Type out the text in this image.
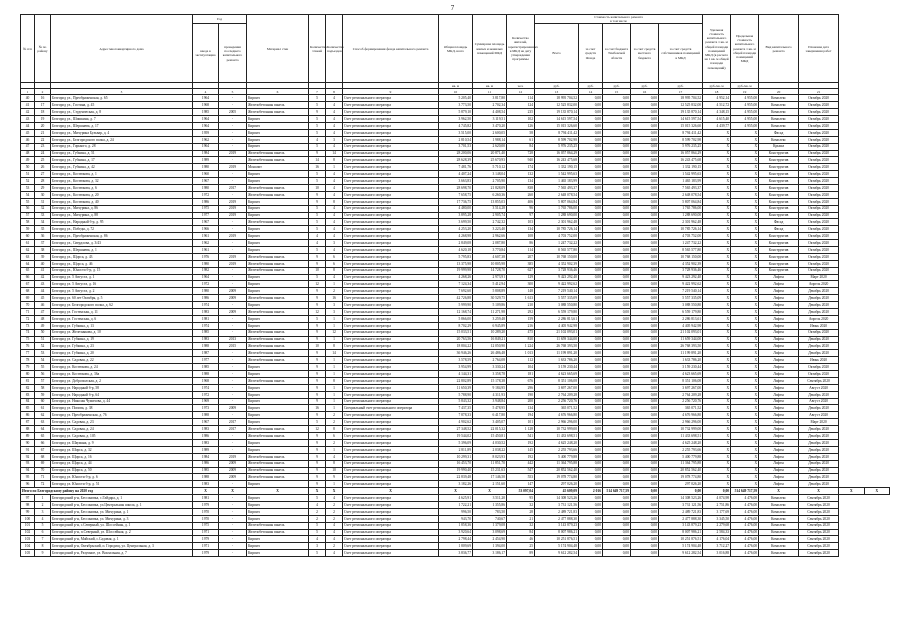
7
№ п/п	№ по району	Адрес многоквартирного дома	Год		Материал стен	Количество этажей	Количество подъездов	Способ формирования фонда капитального ремонта	Общая площадь МКД, всего	Суммарная площадь жилых и нежилых помещений МКД	Количество жителей, зарегистрированных в МКД на дату утверждения программы	Стоимость капитального ремонта
в том числе					Удельная стоимость капитального ремонта 1 кв. м общей площади помещений МКД (в расчете на 1 кв. м общей площади помещений)	Предельная стоимость капитального ремонта 1 кв. м общей площади помещений МКД	Вид капитального ремонта	Плановая дата завершения работ		
			ввода в эксплуатацию	проведения последнего капитального ремонта								Всего	за счет средств Фонда	за счет бюджета Тамбовской области	за счет средств местного бюджета	за счет средств собственников помещений в МКД						
									кв. м	кв. м	чел.	руб.	руб.	руб.	руб.	руб.	руб./кв. м	руб./кв. м				
1	2	3	4	5	6	7	8	9	10	11	12	13	14	15	16	17	18	19	20	21		
40	16	Белгород ул., Преображенская, д. 65	1964	-	Кирпич	5	4	Счет регионального оператора	5 205,40	3 817,80	114	18 995 704,52	0,00	0,00	0,00	18 995 704,52	4 952,14	4 955,00	Комплекс	Октябрь 2020		
41	17	Белгород ул., Гостина, д. 45	1968	-	Железобетонная панель	5	4	Счет регионального оператора	3 773,50	2 702,34	124	12 525 832,00	0,00	0,00	0,00	12 525 832,00	4 512,72	4 955,00	Комплекс	Октябрь 2020		
42	18	Белгород ул., Студенческая, д. 8	1985	2005	Железобетонная панель	9	4	Счет регионального оператора	5 879,10	4 408,54	235	19 135 870,14	0,00	0,00	0,00	19 135 870,14	4 348,15	4 955,00	Комплекс	Октябрь 2020		
43	19	Белгород ул., Шишкина, д. 7	1964	-	Кирпич	5	4	Счет регионального оператора	3 962,50	3 119,51	102	14 615 597,54	0,00	0,00	0,00	14 615 597,54	4 615,40	4 955,00	Комплекс	Октябрь 2020		
44	20	Белгород ул., Шершнева, д. 17	1964	-	Кирпич	5	4	Счет регионального оператора	4 745,82	3 470,20	126	15 015 326,60	0,00	0,00	0,00	15 015 326,60	4 439,77	4 955,00	Комплекс	Октябрь 2020		
45	21	Белгород ул., Мичурина Бульвар, д. 4	1959	-	Кирпич	5	4	Счет регионального оператора	3 515,00	2 600,05	58	8 794 411,42	0,00	0,00	0,00	8 794 411,42	X	X	Фасад	Октябрь 2020		
46	22	Белгород ул., Белгородского полка, д. 24	1962	-	Кирпич	4	3	Счет регионального оператора	2 810,54	1 988,14	61	8 599 702,98	0,00	0,00	0,00	8 599 702,98	X	X	Комплекс	Октябрь 2020		
47	23	Белгород ул., Горького, д. 28	1964	-	Кирпич	5	4	Счет регионального оператора	3 701,53	2 620,00	84	5 976 235,25	0,00	0,00	0,00	5 976 235,25	X	X	Крыша	Октябрь 2020		
48	24	Белгород ул., Губкина, д. 51	1984	2019	Железобетонная панель	9	14	Счет регионального оператора	28 200,06	20 871,40	728	16 057 864,29	0,00	0,00	0,00	16 057 864,29	X	X	Конструктив	Октябрь 2020		
49	25	Белгород ул., Губкина, д. 17	1989	-	Железобетонная панель	14	8	Счет регионального оператора	28 628,39	25 670,93	940	16 243 475,68	0,00	0,00	0,00	16 243 475,68	X	X	Конструктив	Октябрь 2020		
50	26	Белгород ул., Губкина, д. 42	1980	2019	Монолит	16	1	Счет регионального оператора	7 481,76	5 710,12	174	1 332 190,15	0,00	0,00	0,00	1 332 190,15	X	X	Конструктив	Октябрь 2020		
51	27	Белгород ул., Костюкова, д. 1	1960	-	Кирпич	5	4	Счет регионального оператора	4 407,24	3 148,04	132	1 542 995,63	0,00	0,00	0,00	1 542 995,63	X	X	Конструктив	Октябрь 2020		
52	28	Белгород ул., Костюкова, д. 32	1967	-	Кирпич	5	4	Счет регионального оператора	3 663,83	2 705,90	134	1 465 183,99	0,00	0,00	0,00	1 465 183,99	X	X	Конструктив	Октябрь 2020		
53	29	Белгород ул., Костюкова, д. 6	1980	2017	Железобетонная панель	10	4	Счет регионального оператора	28 698,70	21 828,09	838	7 565 493,37	0,00	0,00	0,00	7 565 493,37	X	X	Конструктив	Октябрь 2020		
54	30	Белгород ул., Костюкова, д. 20	1972	-	Железобетонная панель	9	4	Счет регионального оператора	7 658,75	6 260,36	260	2 648 078,54	0,00	0,00	0,00	2 648 078,54	X	X	Конструктив	Октябрь 2020		
55	31	Белгород ул., Костюкова, д. 40	1986	2019	Кирпич	9	8	Счет регионального оператора	17 736,75	13 855,03	406	5 807 064,84	0,00	0,00	0,00	5 807 064,84	X	X	Конструктив	Октябрь 2020		
56	32	Белгород ул., Мичурина, д. 86	1975	2019	Кирпич	5	4	Счет регионального оператора	4 480,00	3 514,28	96	1 765 786,00	0,00	0,00	0,00	1 765 786,00	X	X	Конструктив	Октябрь 2020		
57	33	Белгород ул., Мичурина, д. 88	1977	2019	Кирпич	5	4	Счет регионального оператора	3 895,28	2 905,74	97	1 288 690,00	0,00	0,00	0,00	1 288 690,00	X	X	Конструктив	Октябрь 2020		
58	34	Белгород ул., Народный б-р, д. 95	1967	-	Железобетонная панель	5	4	Счет регионального оператора	3 699,50	2 742,32	103	2 301 962,48	0,00	0,00	0,00	2 301 962,48	X	X	Фасад	Октябрь 2020		
59	35	Белгород ул., Победы, д. 72	1966	-	Кирпич	5	4	Счет регионального оператора	4 253,20	3 223,40	134	10 785 726,14	0,00	0,00	0,00	10 785 726,14	X	X	Фасад	Октябрь 2020		
60	36	Белгород ул., Преображенская, д. 86	1961	2019	Кирпич	4	4	Счет регионального оператора	4 268,98	2 962,66	108	4 703 752,00	0,00	0,00	0,00	4 703 752,00	X	X	Конструктив	Октябрь 2020		
61	37	Белгород ул., Свердлова, д. 3/43	1962	-	Кирпич	4	3	Счет регионального оператора	2 849,08	2 087,80	86	1 247 732,22	0,00	0,00	0,00	1 247 732,22	X	X	Конструктив	Октябрь 2020		
62	38	Белгород ул., Шершнева, д. 1	1961	-	Кирпич	5	4	Счет регионального оператора	4 620,18	3 770,84	114	8 565 577,80	0,00	0,00	0,00	8 565 577,80	X	X	Конструктив	Октябрь 2020		
63	39	Белгород ул., Щорса, д. 43	1976	2019	Железобетонная панель	9	6	Счет регионального оператора	5 795,83	4 607,38	207	10 768 150,00	0,00	0,00	0,00	10 768 150,00	X	X	Конструктив	Октябрь 2020		
64	40	Белгород ул., Щорса, д. 46	1980	2019	Железобетонная панель	9	6	Счет регионального оператора	13 375,98	10 805,98	385	4 352 902,39	0,00	0,00	0,00	4 352 902,39	X	X	Конструктив	Октябрь 2020		
65	41	Белгород ул., Юности б-р, д. 15	1982	-	Железобетонная панель	10	8	Счет регионального оператора	19 999,98	14 728,70	627	3 728 936,46	0,00	0,00	0,00	3 728 936,46	X	X	Конструктив	Октябрь 2020		
66	42	Белгород ул. 5 Августа, д. 1	1964	-	Кирпич	5	4	Счет регионального оператора	4 268,26	2 973,91	129	9 423 292,40	0,00	0,00	0,00	9 423 292,40	X	X	Лифты	Март 2020		
67	43	Белгород ул. 5 Августа, д. 16	1972	-	Кирпич	12	1	Счет регионального оператора	7 124,34	5 412,94	300	9 422 992,62	0,00	0,00	0,00	9 422 992,62	X	X	Лифты	Апрель 2020		
68	44	Белгород ул. 5 Августа, д. 2	1980	2009	Кирпич	9	2	Счет регионального оператора	7 692,60	5 808,89	148	7 219 540,14	0,00	0,00	0,00	7 219 540,14	X	X	Лифты	Декабрь 2020		
69	45	Белгород ул. 60 лет Октября, д. 5	1986	2009	Железобетонная панель	9	16	Счет регионального оператора	42 726,88	30 529,75	1 613	5 557 335,09	0,00	0,00	0,00	5 557 335,09	X	X	Лифты	Декабрь 2020		
70	46	Белгород ул. Белгородского полка, д. 62	1974	-	Кирпич	9	3	Счет регионального оператора	5 999,90	5 109,86	210	3 088 550,80	0,00	0,00	0,00	3 088 550,80	X	X	Лифты	Декабрь 2020		
71	47	Белгород ул. Гостенская, д. 11	1983	2009	Железобетонная панель	12	3	Счет регионального оператора	12 168,74	11 271,98	292	6 559 179,80	0,00	0,00	0,00	6 559 179,80	X	X	Лифты	Декабрь 2020		
72	48	Белгород ул. Гостенская, д. 6	1981	-	Кирпич	5	1	Счет регионального оператора	5 866,00	3 259,48	159	2 286 813,61	0,00	0,00	0,00	2 286 813,61	X	X	Лифты	Апрель 2020		
73	49	Белгород ул. Губкина, д. 13	1974	-	Кирпич	9	1	Счет регионального оператора	8 702,29	6 945,89	216	4 405 942,98	0,00	0,00	0,00	4 405 942,98	X	X	Лифты	Июнь 2020		
74	50	Белгород ул. Железнякова, д. 10	1985	-	Железобетонная панель	9	12	Счет регионального оператора	15 033,51	10 289,20	475	21 102 093,01	0,00	0,00	0,00	21 102 093,01	X	X	Лифты	Октябрь 2020		
75	51	Белгород ул. Губкина, д. 19	1983	2013	Железобетонная панель	9	1	Счет регионального оператора	20 763,56	16 849,21	810	11 659 344,00	0,00	0,00	0,00	11 659 344,00	X	X	Лифты	Декабрь 2020		
76	52	Белгород ул. Губкина, д. 23	1988	2015	Железобетонная панель	10	8	Счет регионального оператора	18 804,22	12 050,90	1 224	26 768 393,50	0,00	0,00	0,00	26 768 393,50	X	X	Лифты	Декабрь 2020		
77	53	Белгород ул. Губкина, д. 20	1987	-	Железобетонная панель	9	14	Счет регионального оператора	36 946,26	26 486,48	1 013	11 199 891,20	0,00	0,00	0,00	11 199 891,20	X	X	Лифты	Декабрь 2020		
78	54	Белгород ул. Садовая, д. 22	1977	-	Железобетонная панель	9	1	Счет регионального оператора	3 578,59	2 764,08	112	1 633 786,20	0,00	0,00	0,00	1 633 786,20	X	X	Лифты	Июнь 2020		
79	55	Белгород ул. Костюкова, д. 24	1985	-	Кирпич	9	1	Счет регионального оператора	3 954,99	3 330,24	104	3 159 230,44	0,00	0,00	0,00	3 159 230,44	X	X	Лифты	Октябрь 2020		
80	56	Белгород ул. Костюкова, д. 36а	1988	-	Кирпич	9	1	Счет регионального оператора	4 144,31	3 358,78	181	4 623 665,69	0,00	0,00	0,00	4 623 665,69	X	X	Лифты	Октябрь 2020		
81	57	Белгород ул. Доброполская, д. 2	1968	-	Железобетонная панель	9	8	Счет регионального оператора	22 802,89	15 178,38	676	8 351 106,08	0,00	0,00	0,00	8 351 106,08	X	X	Лифты	Сентябрь 2020		
82	58	Белгород ул. Народный б-р, 58	1974	-	Кирпич	9	1	Счет регионального оператора	11 650,39	9 184,95	296	3 697 267,00	0,00	0,00	0,00	3 697 267,00	X	X	Лифты	Август 2020		
83	59	Белгород ул. Народный б-р, 64	1972	-	Кирпич	9	1	Счет регионального оператора	5 788,90	4 311,93	190	2 764 209,28	0,00	0,00	0,00	2 764 209,28	X	X	Лифты	Декабрь 2020		
84	60	Белгород ул. Николая Чумичова, д. 44	1969	-	Кирпич	9	1	Счет регионального оператора	5 843,32	3 948,84	200	2 256 720,76	0,00	0,00	0,00	2 256 720,76	X	X	Лифты	Август 2020		
85	61	Белгород ул. Попова, д. 38	1973	2009	Кирпич	16	1	Специальный счет регионального оператора	7 437,35	5 478,95	134	365 071,52	0,00	0,00	0,00	365 071,52	X	X	Лифты	Декабрь 2020		
86	62	Белгород ул. Преображенская, д. 76	1988	-	Кирпич	9	2	Счет регионального оператора	7 878,33	6 417,80	194	4 676 966,80	0,00	0,00	0,00	4 676 966,80	X	X	Лифты	Август 2020		
87	63	Белгород ул. Садовая, д. 23	1967	2017	Кирпич	5	2	Счет регионального оператора	4 902,62	3 405,07	101	2 966 296,00	0,00	0,00	0,00	2 966 296,00	X	X	Лифты	Март 2020		
88	64	Белгород ул. Садовая, д. 24	1983	2017	Железобетонная панель	12	8	Счет регионального оператора	27 348,52	22 015,32	1 128	10 732 999,00	0,00	0,00	0,00	10 732 999,00	X	X	Лифты	Декабрь 2020		
89	65	Белгород ул. Садовая, д. 105	1986	-	Железобетонная панель	9	6	Счет регионального оператора	19 544,02	15 450,81	541	11 433 698,51	0,00	0,00	0,00	11 433 698,51	X	X	Лифты	Декабрь 2020		
90	66	Белгород ул. Шаумяна, д. 9	1983	-	Кирпич	9	2	Счет регионального оператора	5 396,09	4 030,52	192	4 625 248,20	0,00	0,00	0,00	4 625 248,20	X	X	Лифты	Декабрь 2020		
91	67	Белгород ул. Шорса, д. 32	1989	-	Кирпич	9	1	Счет регионального оператора	2 811,89	2 038,22	145	2 255 793,66	0,00	0,00	0,00	2 255 793,66	X	X	Лифты	Декабрь 2020		
92	68	Белгород ул. Щорса, д. 16	1984	2019	Железобетонная панель	9	4	Счет регионального оператора	10 299,31	8 023,93	192	5 400 779,88	0,00	0,00	0,00	5 400 779,88	X	X	Лифты	Декабрь 2020		
93	69	Белгород ул. Щорса, д. 44	1986	2009	Железобетонная панель	9	8	Счет регионального оператора	16 453,70	11 851,70	442	11 364 795,88	0,00	0,00	0,00	11 364 795,88	X	X	Лифты	Декабрь 2020		
94	70	Белгород ул. Щорса, д. 50	1985	2009	Железобетонная панель	9	10	Счет регионального оператора	19 990,40	15 231,63	547	20 852 562,40	0,00	0,00	0,00	20 852 562,40	X	X	Лифты	Декабрь 2020		
95	71	Белгород ул. Юности б-р, д. 6	1988	2009	Железобетонная панель	9	9	Счет регионального оператора	22 839,48	17 146,50	553	19 078 774,80	0,00	0,00	0,00	19 078 774,80	X	X	Лифты	Декабрь 2020		
96	72	Белгород ул. Юности б-р, д. 51	1983	-	Кирпич	9	1	Счет регионального оператора	3 182,26	2 151,60	147	297 026,20	0,00	0,00	0,00	297 026,20	X	X	Лифты	Декабрь 2020		
Итого по Белгородскому району на 2020 год			X	X	X	X	X	X	X	X	53 097,04	45 609,09	2 016	514 649 717,59	0,00	0,00	0,00	514 649 717,59	X	X	X	X
97	1	Белгородский р-н, Бессоновка, с.Гайдара, д. 1	1981	-	Кирпич	5	4	Счет регионального оператора	4 625,91	3 511,20	95	14 308 523,26	0,00	0,00	0,00	14 308 523,26	4 074,98	4 476,00	Комплекс	Сентябрь 2020		
98	2	Белгородский р-н, Бессоновка, ул.Центральная школа, д. 1	1979	-	Кирпич	4	2	Счет регионального оператора	1 722,21	1 355,86	32	3 731 121,56	0,00	0,00	0,00	3 731 121,56	2 751,86	4 476,00	Комплекс	Сентябрь 2020		
99	3	Белгородский р-н, Бессоновка, ул. Мичурина, д. 1	1970	-	Кирпич	2	2	Счет регионального оператора	996,50	783,50	28	2 489 721,83	0,00	0,00	0,00	2 489 721,83	3 177,69	4 476,00	Комплекс	Сентябрь 2020		
100	4	Белгородский р-н, Бессоновка, ул. Мичурина, д. 3	1970	-	Кирпич	2	2	Счет регионального оператора	943,70	740,67	21	2 477 888,30	0,00	0,00	0,00	2 477 888,30	3 345,50	4 476,00	Комплекс	Сентябрь 2020		
101	5	Белгородский р-н, с.Северный, ул. Шоссейная, д. 1	1975	-	Железобетонная панель	5	4	Счет регионального оператора	1 858,36	1 379,08	32	3 143 879,23	0,00	0,00	0,00	3 143 879,23	2 279,68	4 476,00	Комплекс	Сентябрь 2020		
102	6	Белгородский р-н, п.Северный, ул. Шоссейная, д. 2	1971	-	Железобетонная панель	5	4	Счет регионального оператора	3 920,64	3 098,69	84	8 007 986,21	0,00	0,00	0,00	8 007 986,21	2 584,33	4 476,00	Комплекс	Сентябрь 2020		
103	7	Белгородский р-н, Майский, с.Садовая, д. 1	1979	-	Кирпич	4	4	Счет регионального оператора	2 798,44	2 454,90	46	10 251 876,51	0,00	0,00	0,00	10 251 876,51	4 176,04	4 476,00	Комплекс	Сентябрь 2020		
104	8	Белгородский р-н, Октябрьский, п. Городищ, ул. Центральная, д. 3	1971	-	Кирпич	3	2	Счет регионального оператора	1 809,69	1 394,00	25	5 174 904,48	0,00	0,00	0,00	5 174 904,48	3 712,27	4 476,00	Комплекс	Сентябрь 2020		
105	9	Белгородский р-н, Разумное, ул. Вокзальная, д. 7	1979	-	Кирпич	5	4	Счет регионального оператора	3 836,77	3 186,17	89	9 612 282,54	0,00	0,00	0,00	9 612 282,54	3 016,88	4 476,00	Комплекс	Сентябрь 2020		
